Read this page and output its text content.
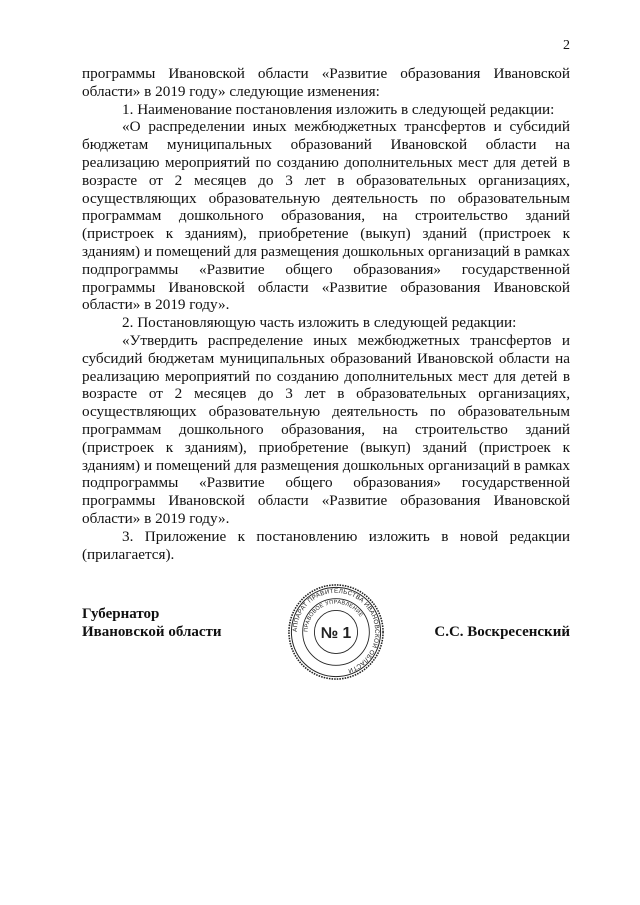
2

программы Ивановской области «Развитие образования Ивановской области» в 2019 году» следующие изменения:

1. Наименование постановления изложить в следующей редакции:

«О распределении иных межбюджетных трансфертов и субсидий бюджетам муниципальных образований Ивановской области на реализацию мероприятий по созданию дополнительных мест для детей в возрасте от 2 месяцев до 3 лет в образовательных организациях, осуществляющих образовательную деятельность по образовательным программам дошкольного образования, на строительство зданий (пристроек к зданиям), приобретение (выкуп) зданий (пристроек к зданиям) и помещений для размещения дошкольных организаций в рамках подпрограммы «Развитие общего образования» государственной программы Ивановской области «Развитие образования Ивановской области» в 2019 году».

2. Постановляющую часть изложить в следующей редакции:

«Утвердить распределение иных межбюджетных трансфертов и субсидий бюджетам муниципальных образований Ивановской области на реализацию мероприятий по созданию дополнительных мест для детей в возрасте от 2 месяцев до 3 лет в образовательных организациях, осуществляющих образовательную деятельность по образовательным программам дошкольного образования, на строительство зданий (пристроек к зданиям), приобретение (выкуп) зданий (пристроек к зданиям) и помещений для размещения дошкольных организаций в рамках подпрограммы «Развитие общего образования» государственной программы Ивановской области «Развитие образования Ивановской области» в 2019 году».

3. Приложение к постановлению изложить в новой редакции (прилагается).

Губернатор
Ивановской области	С.С. Воскресенский
АППАРАТ ПРАВИТЕЛЬСТВА ИВАНОВСКОЙ ОБЛАСТИ
ПРАВОВОЕ УПРАВЛЕНИЕ
№ 1
